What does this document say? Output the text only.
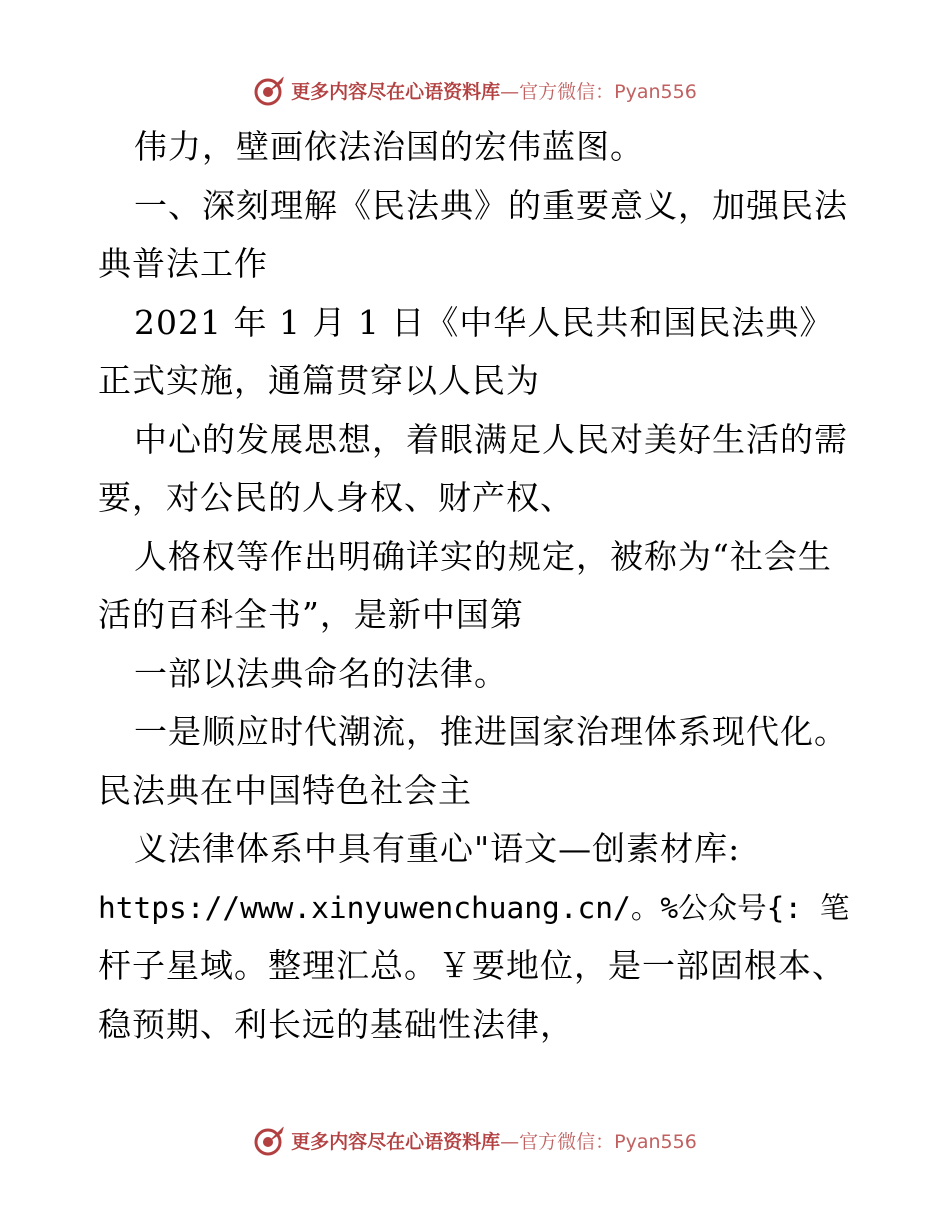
更多内容尽在心语资料库—官方微信：Pyan556
伟力，壁画依法治国的宏伟蓝图。
一、深刻理解《民法典》的重要意义，加强民法
典普法工作
2021 年 1 月 1 日《中华人民共和国民法典》
正式实施，通篇贯穿以人民为
中心的发展思想，着眼满足人民对美好生活的需
要，对公民的人身权、财产权、
人格权等作出明确详实的规定，被称为“社会生
活的百科全书”，是新中国第
一部以法典命名的法律。
一是顺应时代潮流，推进国家治理体系现代化。
民法典在中国特色社会主
义法律体系中具有重心"语文—创素材库:
https://www.xinyuwenchuang.cn/。%公众号{: 笔
杆子星域。整理汇总。￥要地位，是一部固根本、
稳预期、利长远的基础性法律，
更多内容尽在心语资料库—官方微信：Pyan556
